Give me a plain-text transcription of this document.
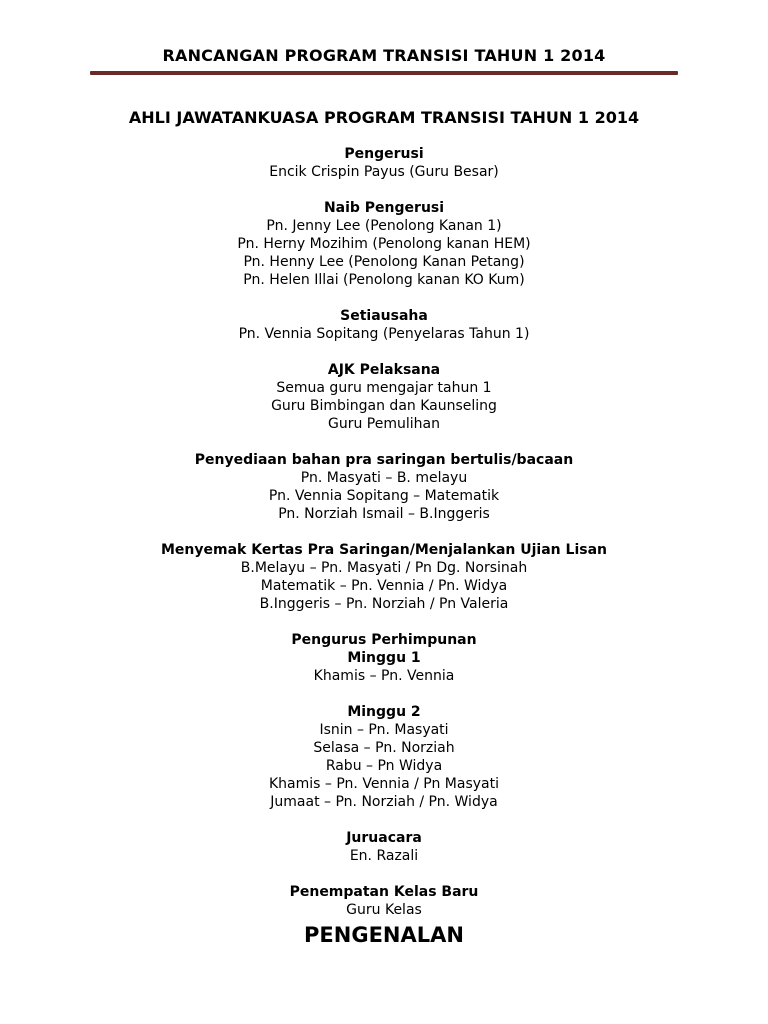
RANCANGAN PROGRAM TRANSISI TAHUN 1 2014
AHLI JAWATANKUASA PROGRAM TRANSISI TAHUN 1 2014
Pengerusi
Encik Crispin Payus (Guru Besar)
Naib Pengerusi
Pn. Jenny Lee (Penolong Kanan 1)
Pn. Herny Mozihim (Penolong kanan HEM)
Pn. Henny Lee (Penolong Kanan Petang)
Pn. Helen Illai (Penolong kanan KO Kum)
Setiausaha
Pn. Vennia Sopitang (Penyelaras Tahun 1)
AJK Pelaksana
Semua guru mengajar tahun 1
Guru Bimbingan dan Kaunseling
Guru Pemulihan
Penyediaan bahan pra saringan bertulis/bacaan
Pn. Masyati – B. melayu
Pn. Vennia Sopitang – Matematik
Pn. Norziah Ismail – B.Inggeris
Menyemak Kertas Pra Saringan/Menjalankan Ujian Lisan
B.Melayu – Pn. Masyati / Pn Dg. Norsinah
Matematik – Pn. Vennia / Pn. Widya
B.Inggeris – Pn. Norziah / Pn Valeria
Pengurus Perhimpunan
Minggu 1
Khamis – Pn. Vennia
Minggu 2
Isnin – Pn. Masyati
Selasa – Pn. Norziah
Rabu – Pn Widya
Khamis – Pn. Vennia / Pn Masyati
Jumaat – Pn. Norziah / Pn. Widya
Juruacara
En. Razali
Penempatan Kelas Baru
Guru Kelas
PENGENALAN
